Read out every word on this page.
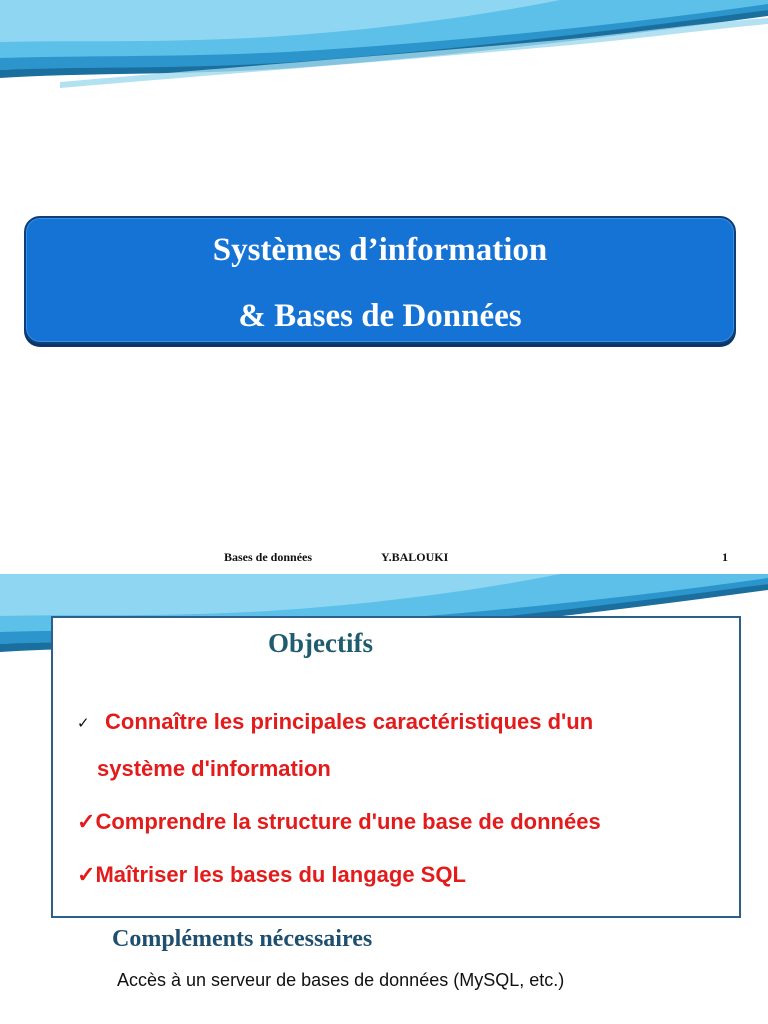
Systèmes d’information
& Bases de Données
Bases de données	Y.BALOUKI	1
Objectifs
✓ Connaître les principales caractéristiques d'un
système d'information
✓Comprendre la structure d'une base de données
✓Maîtriser les bases du langage SQL
Compléments nécessaires
Accès à un serveur de bases de données (MySQL, etc.)
